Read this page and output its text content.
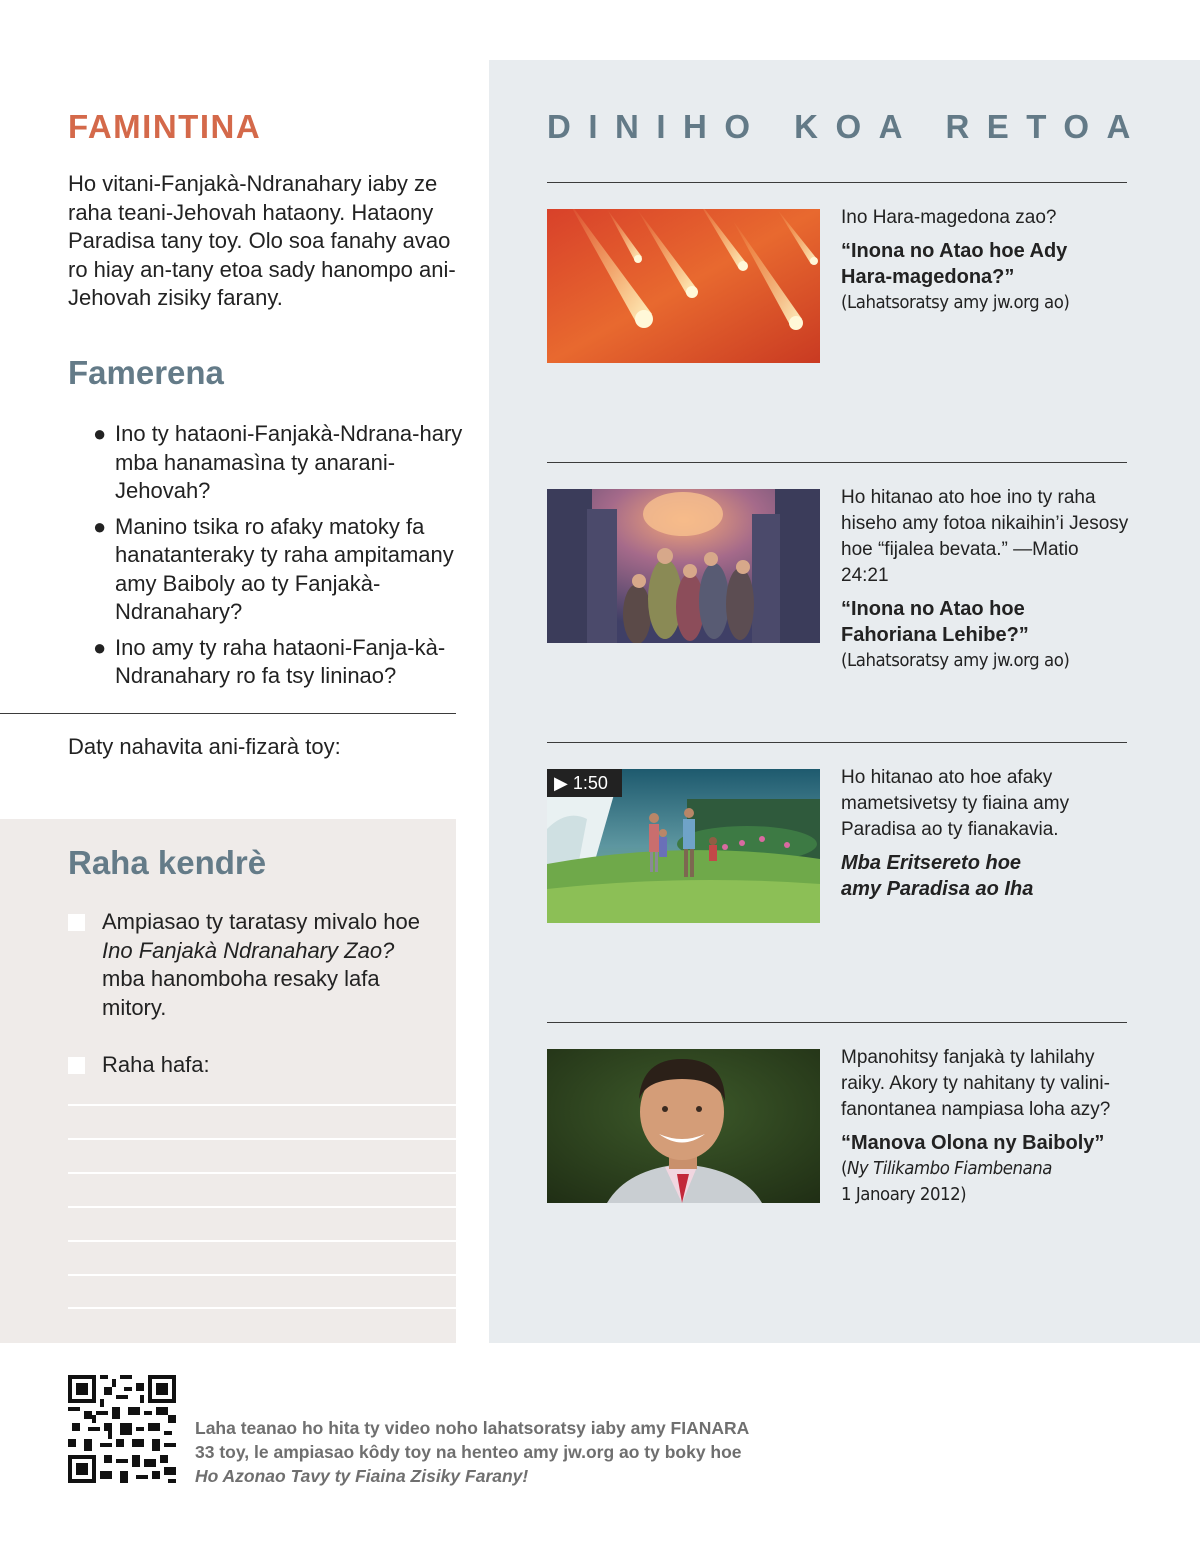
DINIHO KOA RETOA
Ino Hara-magedona zao?
“Inona no Atao hoe Ady Hara-magedona?”
(Lahatsoratsy amy jw.org ao)
Ho hitanao ato hoe ino ty raha hiseho amy fotoa nikaihin’i Jesosy hoe “fijalea bevata.” —Matio 24:21
“Inona no Atao hoe Fahoriana Lehibe?”
(Lahatsoratsy amy jw.org ao)
▶ 1:50	Ho hitanao ato hoe afaky mametsivetsy ty fiaina amy Paradisa ao ty fianakavia.
Mba Eritsereto hoe amy Paradisa ao Iha
Mpanohitsy fanjakà ty lahilahy raiky. Akory ty nahitany ty valini-fanontanea nampiasa loha azy?
“Manova Olona ny Baiboly”
(Ny Tilikambo Fiambenana
1 Janoary 2012)
FAMINTINA
Ho vitani-Fanjakà-Ndranahary iaby ze raha teani-Jehovah hataony. Hataony Paradisa tany toy. Olo soa fanahy avao ro hiay an-tany etoa sady hanompo ani-Jehovah zisiky farany.
Famerena
● Ino ty hataoni-Fanjakà-Ndrana-hary mba hanamasìna ty anarani-Jehovah?
● Manino tsika ro afaky matoky fa hanatanteraky ty raha ampitamany amy Baiboly ao ty Fanjakà-Ndranahary?
● Ino amy ty raha hataoni-Fanja-kà-Ndranahary ro fa tsy lininao?
Daty nahavita ani-fizarà toy:
Raha kendrè
Ampiasao ty taratasy mivalo hoe Ino Fanjakà Ndranahary Zao? mba hanomboha resaky lafa mitory.
Raha hafa:
Laha teanao ho hita ty video noho lahatsoratsy iaby amy FIANARA 33 toy, le ampiasao kôdy toy na henteo amy jw.org ao ty boky hoe Ho Azonao Tavy ty Fiaina Zisiky Farany!
